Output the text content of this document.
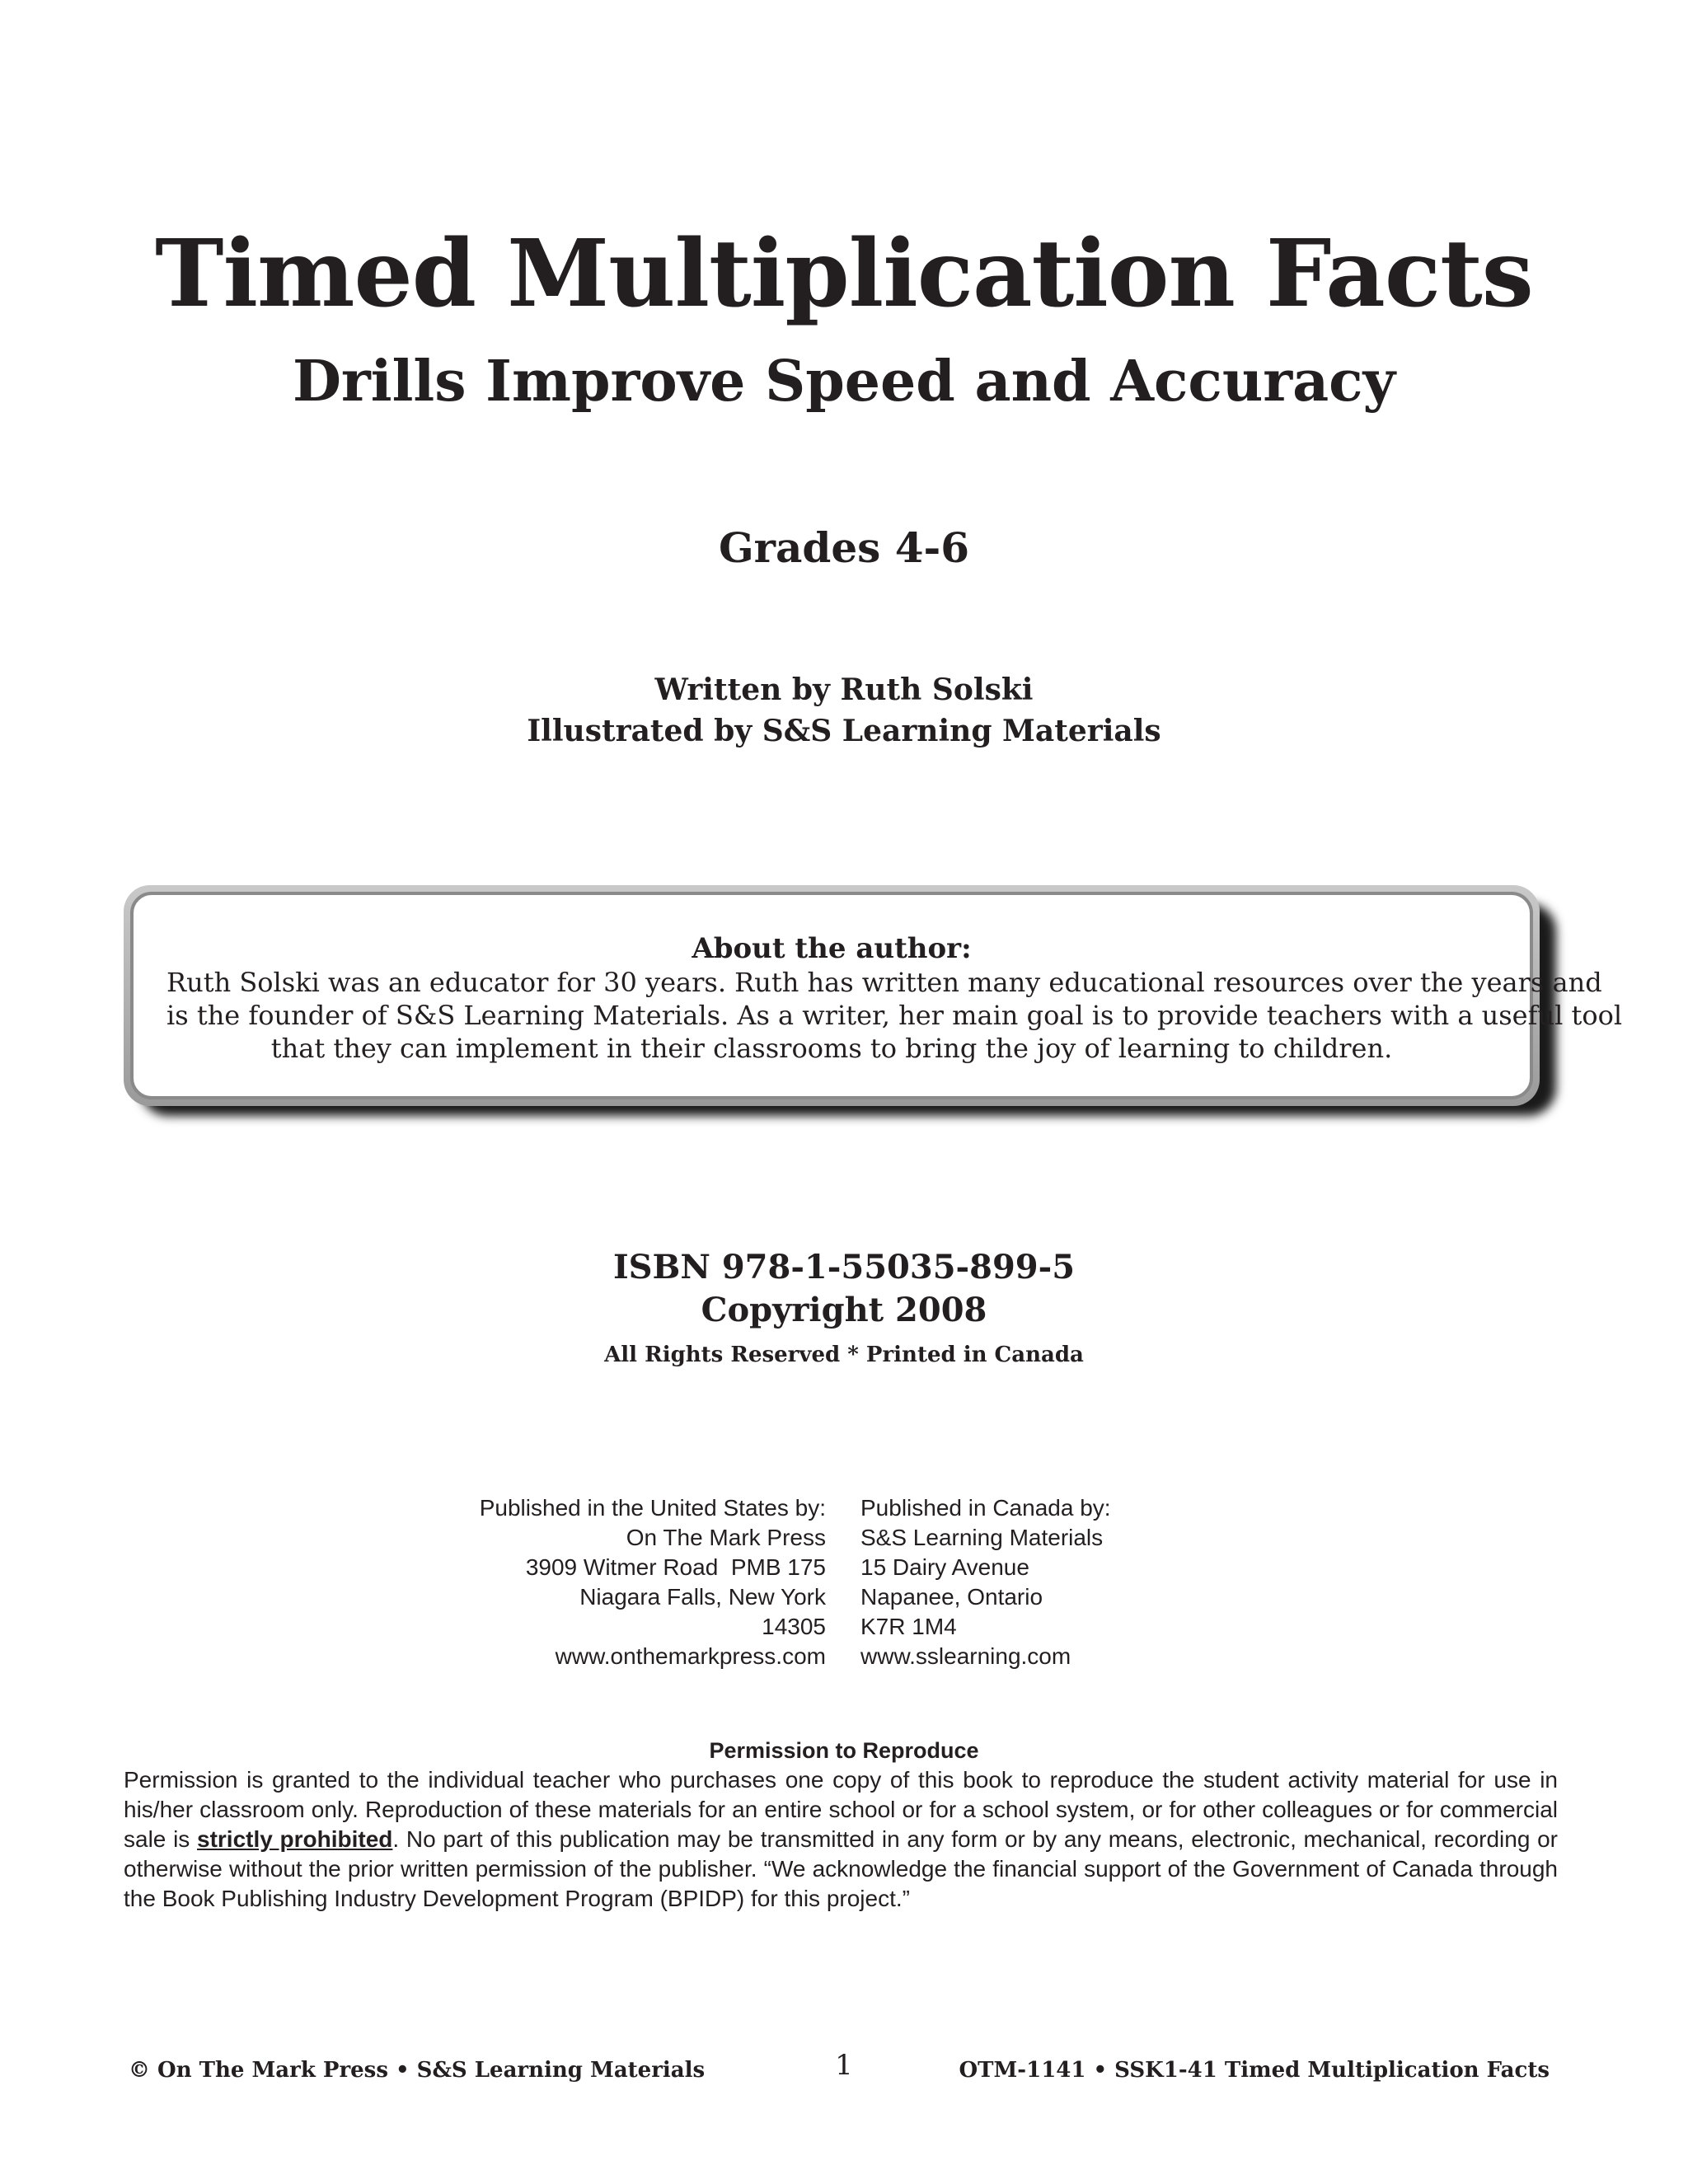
Timed Multiplication Facts
Drills Improve Speed and Accuracy
Grades 4-6
Written by Ruth Solski
Illustrated by S&S Learning Materials
About the author:
Ruth Solski was an educator for 30 years. Ruth has written many educational resources over the years and
is the founder of S&S Learning Materials. As a writer, her main goal is to provide teachers with a useful tool
that they can implement in their classrooms to bring the joy of learning to children.
ISBN 978-1-55035-899-5
Copyright 2008
All Rights Reserved * Printed in Canada
Published in the United States by:
On The Mark Press
3909 Witmer Road  PMB 175
Niagara Falls, New York
14305
www.onthemarkpress.com
Published in Canada by:
S&S Learning Materials
15 Dairy Avenue
Napanee, Ontario
K7R 1M4
www.sslearning.com
Permission to Reproduce
Permission is granted to the individual teacher who purchases one copy of this book to reproduce the student activity material for use in his/her classroom only. Reproduction of these materials for an entire school or for a school system, or for other colleagues or for commercial sale is strictly prohibited. No part of this publication may be transmitted in any form or by any means, electronic, mechanical, recording or otherwise without the prior written permission of the publisher. “We acknowledge the financial support of the Government of Canada through the Book Publishing Industry Development Program (BPIDP) for this project.”
© On The Mark Press • S&S Learning Materials	1	OTM-1141 • SSK1-41 Timed Multiplication Facts
